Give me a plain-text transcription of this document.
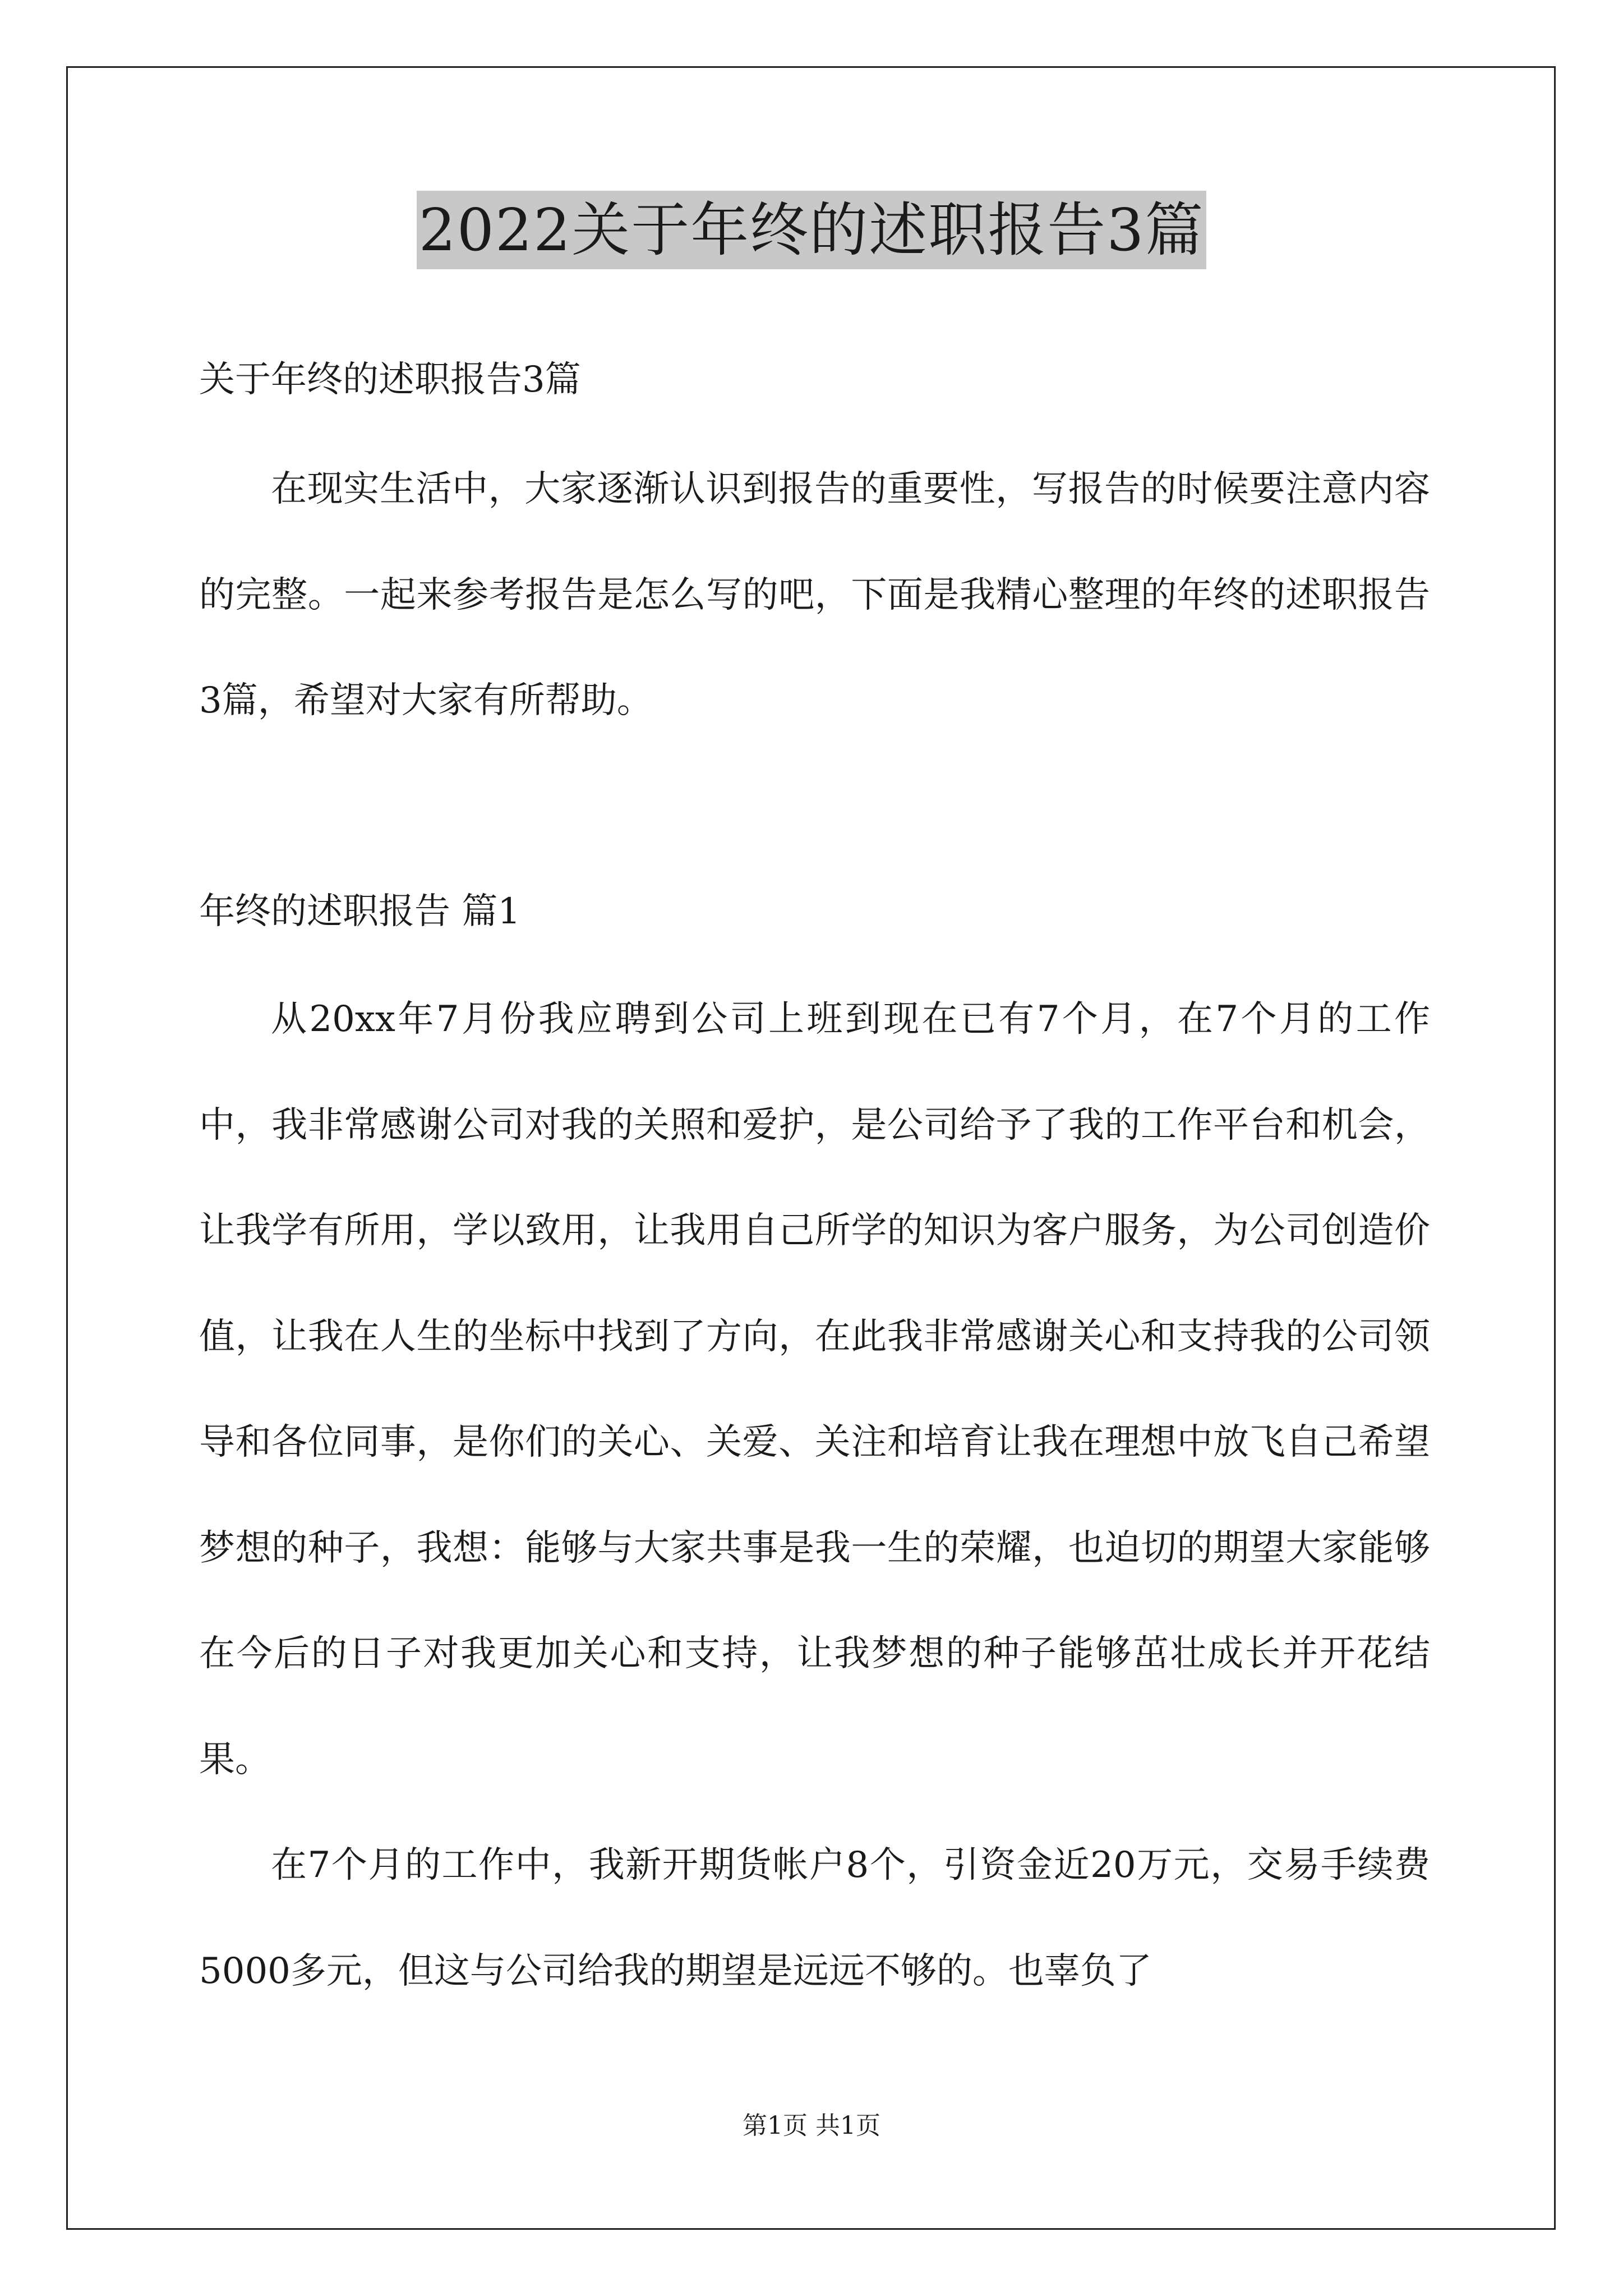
2022关于年终的述职报告3篇
关于年终的述职报告3篇

在现实生活中，大家逐渐认识到报告的重要性，写报告的时候要注意内容的完整。一起来参考报告是怎么写的吧，下面是我精心整理的年终的述职报告3篇，希望对大家有所帮助。

年终的述职报告 篇1

从20xx年7月份我应聘到公司上班到现在已有7个月，在7个月的工作中，我非常感谢公司对我的关照和爱护，是公司给予了我的工作平台和机会，让我学有所用，学以致用，让我用自己所学的知识为客户服务，为公司创造价值，让我在人生的坐标中找到了方向，在此我非常感谢关心和支持我的公司领导和各位同事，是你们的关心、关爱、关注和培育让我在理想中放飞自己希望梦想的种子，我想：能够与大家共事是我一生的荣耀，也迫切的期望大家能够在今后的日子对我更加关心和支持，让我梦想的种子能够茁壮成长并开花结果。

在7个月的工作中，我新开期货帐户8个，引资金近20万元，交易手续费5000多元，但这与公司给我的期望是远远不够的。也辜负了

第1页 共1页
